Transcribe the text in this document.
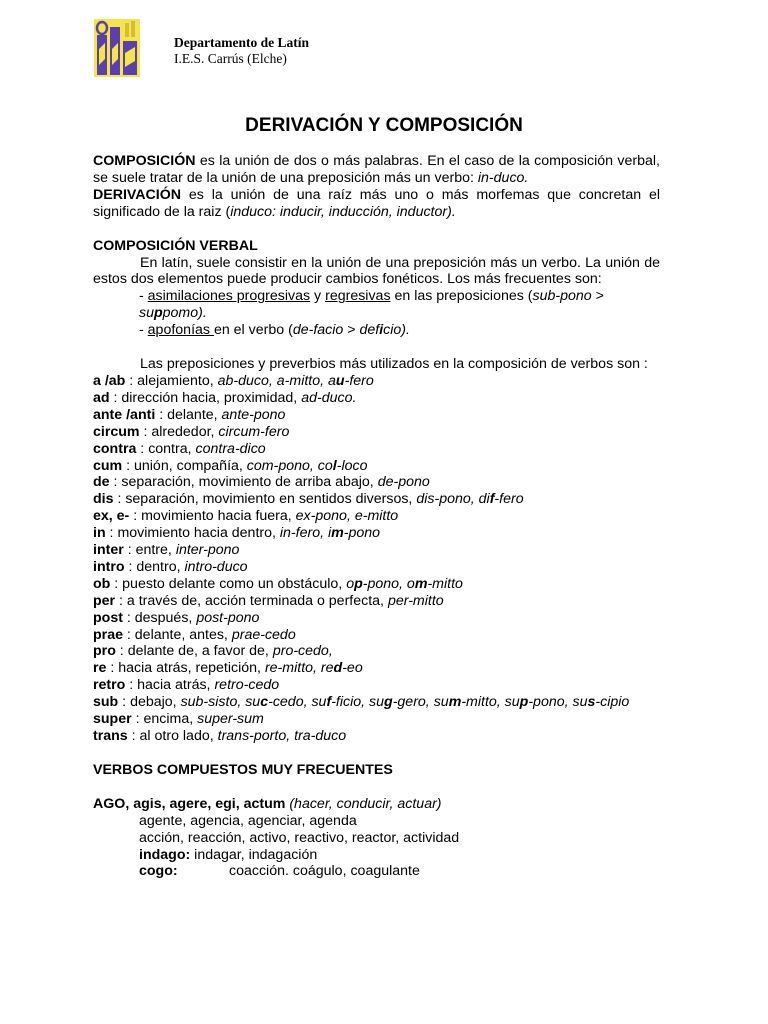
Departamento de Latín
I.E.S. Carrús (Elche)
DERIVACIÓN Y COMPOSICIÓN

COMPOSICIÓN es la unión de dos o más palabras. En el caso de la composición verbal, se suele tratar de la unión de una preposición más un verbo: in-duco.

DERIVACIÓN es la unión de una raíz más uno o más morfemas que concretan el significado de la raiz (induco: inducir, inducción, inductor).

COMPOSICIÓN VERBAL

En latín, suele consistir en la unión de una preposición más un verbo. La unión de estos dos elementos puede producir cambios fonéticos. Los más frecuentes son:

- asimilaciones progresivas y regresivas en las preposiciones (sub-pono >
suppomo).

- apofonías en el verbo (de-facio > deficio).

Las preposiciones y preverbios más utilizados en la composición de verbos son :

a /ab : alejamiento, ab-duco, a-mitto, au-fero

ad : dirección hacia, proximidad, ad-duco.

ante /anti : delante, ante-pono

circum : alrededor, circum-fero

contra : contra, contra-dico

cum : unión, compañía, com-pono, col-loco

de : separación, movimiento de arriba abajo, de-pono

dis : separación, movimiento en sentidos diversos, dis-pono, dif-fero

ex, e- : movimiento hacia fuera, ex-pono, e-mitto

in : movimiento hacia dentro, in-fero, im-pono

inter : entre, inter-pono

intro : dentro, intro-duco

ob : puesto delante como un obstáculo, op-pono, om-mitto

per : a través de, acción terminada o perfecta, per-mitto

post : después, post-pono

prae : delante, antes, prae-cedo

pro : delante de, a favor de, pro-cedo,

re : hacia atrás, repetición, re-mitto, red-eo

retro : hacia atrás, retro-cedo

sub : debajo, sub-sisto, suc-cedo, suf-ficio, sug-gero, sum-mitto, sup-pono, sus-cipio

super : encima, super-sum

trans : al otro lado, trans-porto, tra-duco

VERBOS COMPUESTOS MUY FRECUENTES

AGO, agis, agere, egi, actum (hacer, conducir, actuar)

agente, agencia, agenciar, agenda

acción, reacción, activo, reactivo, reactor, actividad

indago: indagar, indagación

cogo:	coacción. coágulo, coagulante
